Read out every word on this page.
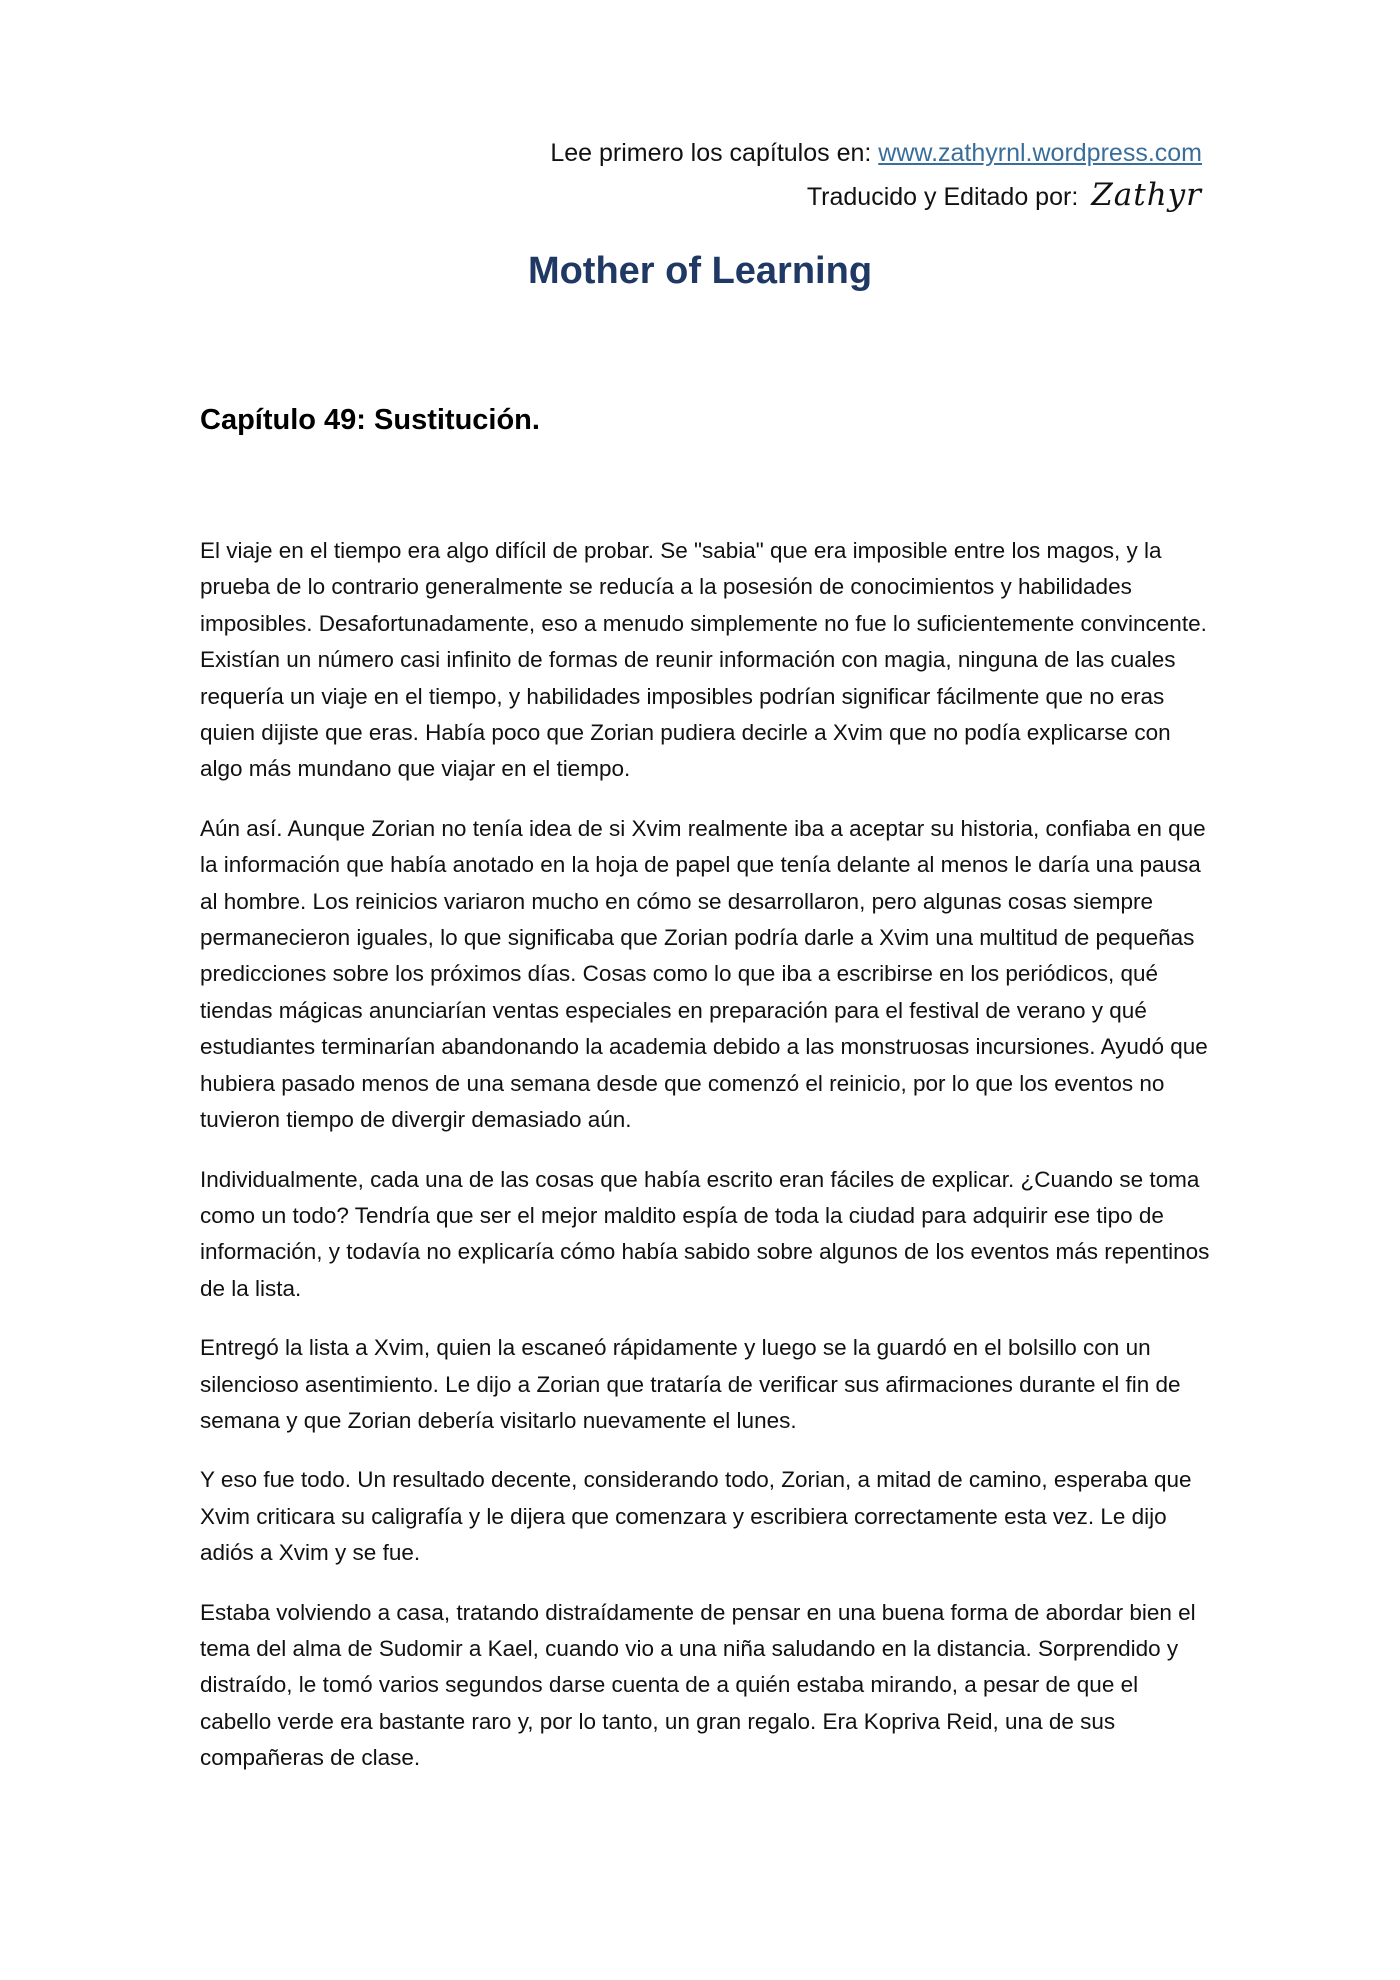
Lee primero los capítulos en: www.zathyrnl.wordpress.com
Traducido y Editado por: Zathyr
Mother of Learning
Capítulo 49: Sustitución.

El viaje en el tiempo era algo difícil de probar. Se "sabia" que era imposible entre los magos, y la prueba de lo contrario generalmente se reducía a la posesión de conocimientos y habilidades imposibles. Desafortunadamente, eso a menudo simplemente no fue lo suficientemente convincente. Existían un número casi infinito de formas de reunir información con magia, ninguna de las cuales requería un viaje en el tiempo, y habilidades imposibles podrían significar fácilmente que no eras quien dijiste que eras. Había poco que Zorian pudiera decirle a Xvim que no podía explicarse con algo más mundano que viajar en el tiempo.

Aún así. Aunque Zorian no tenía idea de si Xvim realmente iba a aceptar su historia, confiaba en que la información que había anotado en la hoja de papel que tenía delante al menos le daría una pausa al hombre. Los reinicios variaron mucho en cómo se desarrollaron, pero algunas cosas siempre permanecieron iguales, lo que significaba que Zorian podría darle a Xvim una multitud de pequeñas predicciones sobre los próximos días. Cosas como lo que iba a escribirse en los periódicos, qué tiendas mágicas anunciarían ventas especiales en preparación para el festival de verano y qué estudiantes terminarían abandonando la academia debido a las monstruosas incursiones. Ayudó que hubiera pasado menos de una semana desde que comenzó el reinicio, por lo que los eventos no tuvieron tiempo de divergir demasiado aún.

Individualmente, cada una de las cosas que había escrito eran fáciles de explicar. ¿Cuando se toma como un todo? Tendría que ser el mejor maldito espía de toda la ciudad para adquirir ese tipo de información, y todavía no explicaría cómo había sabido sobre algunos de los eventos más repentinos de la lista.

Entregó la lista a Xvim, quien la escaneó rápidamente y luego se la guardó en el bolsillo con un silencioso asentimiento. Le dijo a Zorian que trataría de verificar sus afirmaciones durante el fin de semana y que Zorian debería visitarlo nuevamente el lunes.

Y eso fue todo. Un resultado decente, considerando todo, Zorian, a mitad de camino, esperaba que Xvim criticara su caligrafía y le dijera que comenzara y escribiera correctamente esta vez. Le dijo adiós a Xvim y se fue.

Estaba volviendo a casa, tratando distraídamente de pensar en una buena forma de abordar bien el tema del alma de Sudomir a Kael, cuando vio a una niña saludando en la distancia. Sorprendido y distraído, le tomó varios segundos darse cuenta de a quién estaba mirando, a pesar de que el cabello verde era bastante raro y, por lo tanto, un gran regalo. Era Kopriva Reid, una de sus compañeras de clase.
